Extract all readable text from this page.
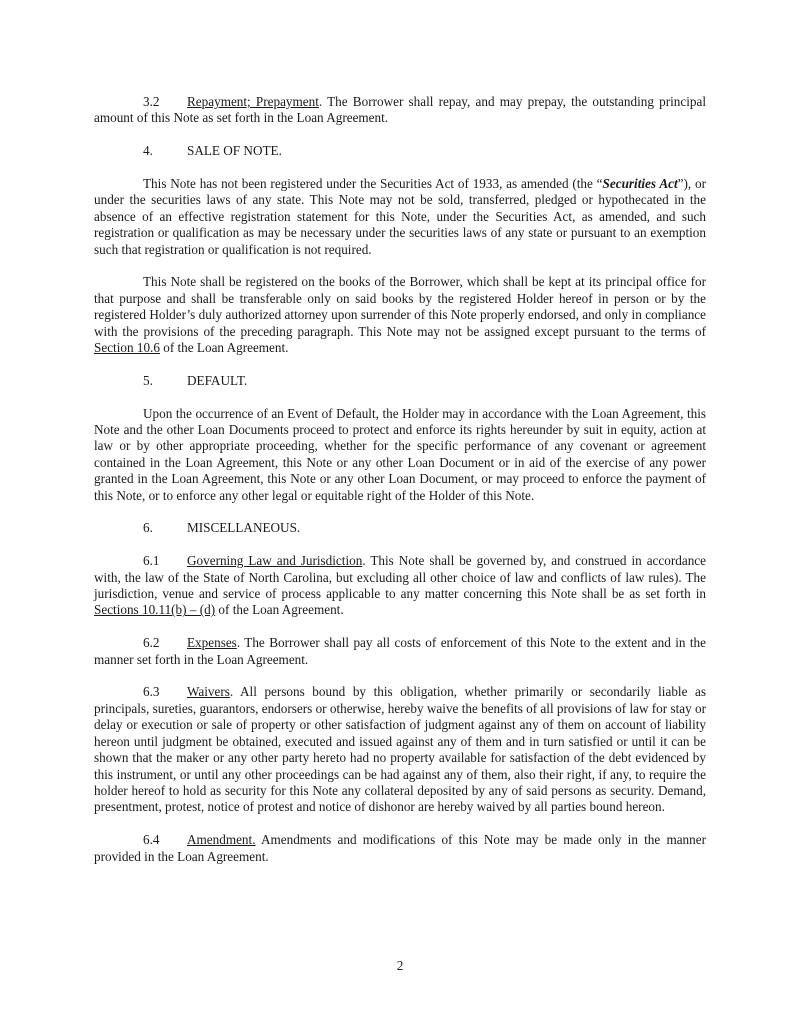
3.2 Repayment; Prepayment. The Borrower shall repay, and may prepay, the outstanding principal amount of this Note as set forth in the Loan Agreement.

4.	SALE OF NOTE.

This Note has not been registered under the Securities Act of 1933, as amended (the “Securities Act”), or under the securities laws of any state. This Note may not be sold, transferred, pledged or hypothecated in the absence of an effective registration statement for this Note, under the Securities Act, as amended, and such registration or qualification as may be necessary under the securities laws of any state or pursuant to an exemption such that registration or qualification is not required.

This Note shall be registered on the books of the Borrower, which shall be kept at its principal office for that purpose and shall be transferable only on said books by the registered Holder hereof in person or by the registered Holder’s duly authorized attorney upon surrender of this Note properly endorsed, and only in compliance with the provisions of the preceding paragraph. This Note may not be assigned except pursuant to the terms of Section 10.6 of the Loan Agreement.

5.	DEFAULT.

Upon the occurrence of an Event of Default, the Holder may in accordance with the Loan Agreement, this Note and the other Loan Documents proceed to protect and enforce its rights hereunder by suit in equity, action at law or by other appropriate proceeding, whether for the specific performance of any covenant or agreement contained in the Loan Agreement, this Note or any other Loan Document or in aid of the exercise of any power granted in the Loan Agreement, this Note or any other Loan Document, or may proceed to enforce the payment of this Note, or to enforce any other legal or equitable right of the Holder of this Note.

6.	MISCELLANEOUS.

6.1 Governing Law and Jurisdiction. This Note shall be governed by, and construed in accordance with, the law of the State of North Carolina, but excluding all other choice of law and conflicts of law rules). The jurisdiction, venue and service of process applicable to any matter concerning this Note shall be as set forth in Sections 10.11(b) – (d) of the Loan Agreement.

6.2 Expenses. The Borrower shall pay all costs of enforcement of this Note to the extent and in the manner set forth in the Loan Agreement.

6.3 Waivers. All persons bound by this obligation, whether primarily or secondarily liable as principals, sureties, guarantors, endorsers or otherwise, hereby waive the benefits of all provisions of law for stay or delay or execution or sale of property or other satisfaction of judgment against any of them on account of liability hereon until judgment be obtained, executed and issued against any of them and in turn satisfied or until it can be shown that the maker or any other party hereto had no property available for satisfaction of the debt evidenced by this instrument, or until any other proceedings can be had against any of them, also their right, if any, to require the holder hereof to hold as security for this Note any collateral deposited by any of said persons as security. Demand, presentment, protest, notice of protest and notice of dishonor are hereby waived by all parties bound hereon.

6.4 Amendment. Amendments and modifications of this Note may be made only in the manner provided in the Loan Agreement.

2
